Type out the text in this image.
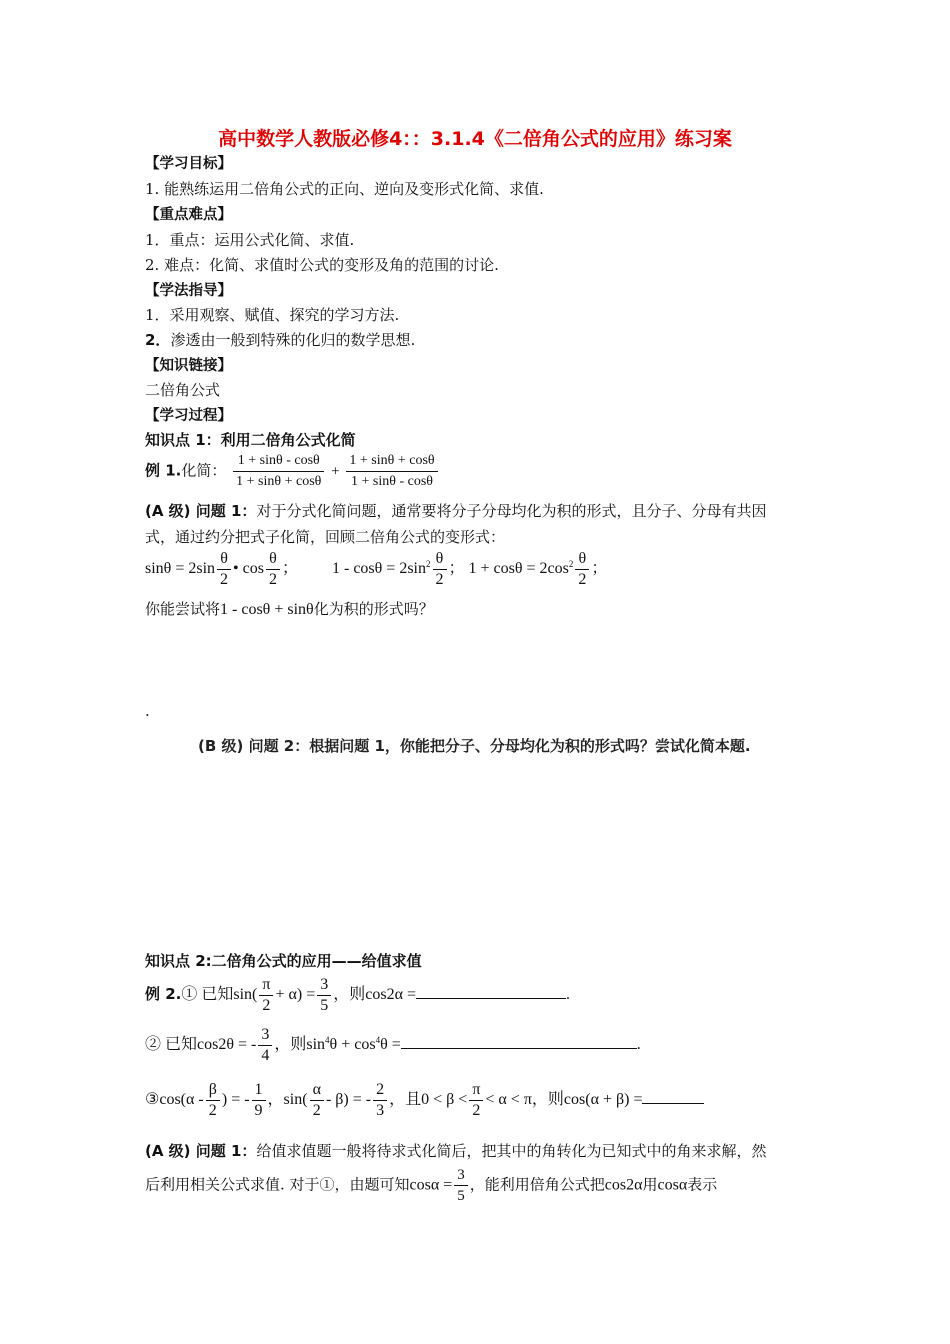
高中数学人教版必修4：：3.1.4《二倍角公式的应用》练习案
【学习目标】
1. 能熟练运用二倍角公式的正向、逆向及变形式化简、求值.
【重点难点】
1．重点：运用公式化简、求值.
2. 难点：化简、求值时公式的变形及角的范围的讨论.
【学法指导】
1．采用观察、赋值、探究的学习方法.
2．渗透由一般到特殊的化归的数学思想.
【知识链接】
二倍角公式
【学习过程】
知识点 1：利用二倍角公式化简
例 1.化简： $\frac{1 + \sin\theta - \cos\theta}{1 + \sin\theta + \cos\theta} + \frac{1 + \sin\theta + \cos\theta}{1 + \sin\theta - \cos\theta}$
(A 级) 问题 1：对于分式化简问题，通常要将分子分母均化为积的形式，且分子、分母有共因
式，通过约分把式子化简，回顾二倍角公式的变形式：
$\sin\theta = 2\sin \frac{\theta}{2}$ • $\cos \frac{\theta}{2}$ ； $1 - \cos\theta = 2\sin^2 \frac{\theta}{2}$ ； $1 + \cos\theta = 2\cos^2 \frac{\theta}{2}$ ；
你能尝试将1 - cosθ + sinθ化为积的形式吗？
.
(B 级) 问题 2：根据问题 1，你能把分子、分母均化为积的形式吗？尝试化简本题.
知识点 2:二倍角公式的应用——给值求值
例 2.① 已知$\sin( \frac{\pi}{2} + \alpha) = \frac{3}{5}$ ，则cos2α =	.
② 已知cos2θ = - $\frac{3}{4}$ ，则$\sin^4\theta + \cos^4\theta$ =	.
③cos(α - $\frac{\beta}{2}$ ) = - $\frac{1}{9}$ ，$\sin( \frac{\alpha}{2} - \beta)$ = - $\frac{2}{3}$ ，且$0 < \beta < \frac{\pi}{2} < \alpha < \pi$，则cos(α + β) =
(A 级) 问题 1：给值求值题一般将待求式化简后，把其中的角转化为已知式中的角来求解，然
后利用相关公式求值. 对于①，由题可知$\cos\alpha = \frac{3}{5}$ ，能利用倍角公式把cos2α用cosα表示
